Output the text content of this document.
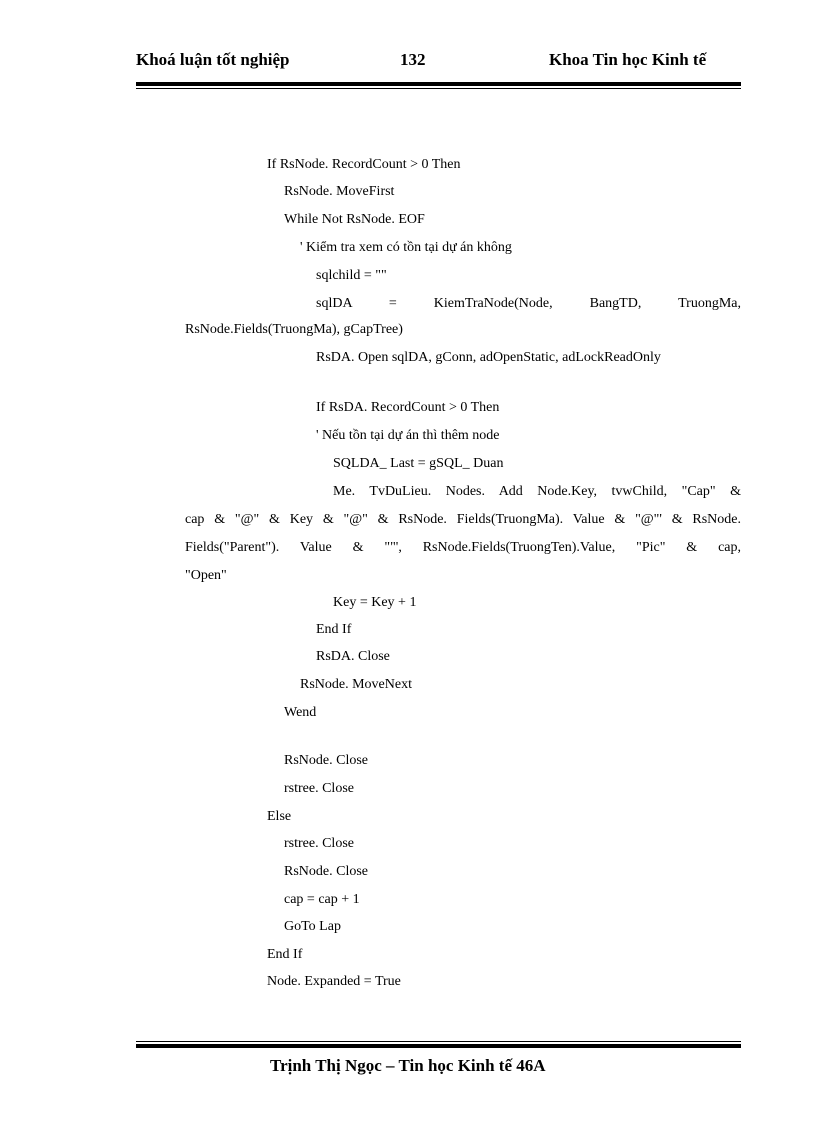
Khoá luận tốt nghiệp	132	Khoa Tin học Kinh tế
If RsNode. RecordCount > 0 Then
RsNode. MoveFirst
While Not RsNode. EOF
' Kiểm tra xem có tồn tại dự án không
sqlchild = ""
sqlDA = KiemTraNode(Node, BangTD, TruongMa,
RsNode.Fields(TruongMa), gCapTree)
RsDA. Open sqlDA, gConn, adOpenStatic, adLockReadOnly
If RsDA. RecordCount > 0 Then
' Nếu tồn tại dự án thì thêm node
SQLDA_ Last = gSQL_ Duan
Me. TvDuLieu. Nodes. Add Node.Key, tvwChild, "Cap" &
cap & "@" & Key & "@" & RsNode. Fields(TruongMa). Value & "@"' & RsNode.
Fields("Parent"). Value & ""', RsNode.Fields(TruongTen).Value, "Pic" & cap,
"Open"
Key = Key + 1
End If
RsDA. Close
RsNode. MoveNext
Wend
RsNode. Close
rstree. Close
Else
rstree. Close
RsNode. Close
cap = cap + 1
GoTo Lap
End If
Node. Expanded = True
Trịnh Thị Ngọc – Tin học Kinh tế 46A
